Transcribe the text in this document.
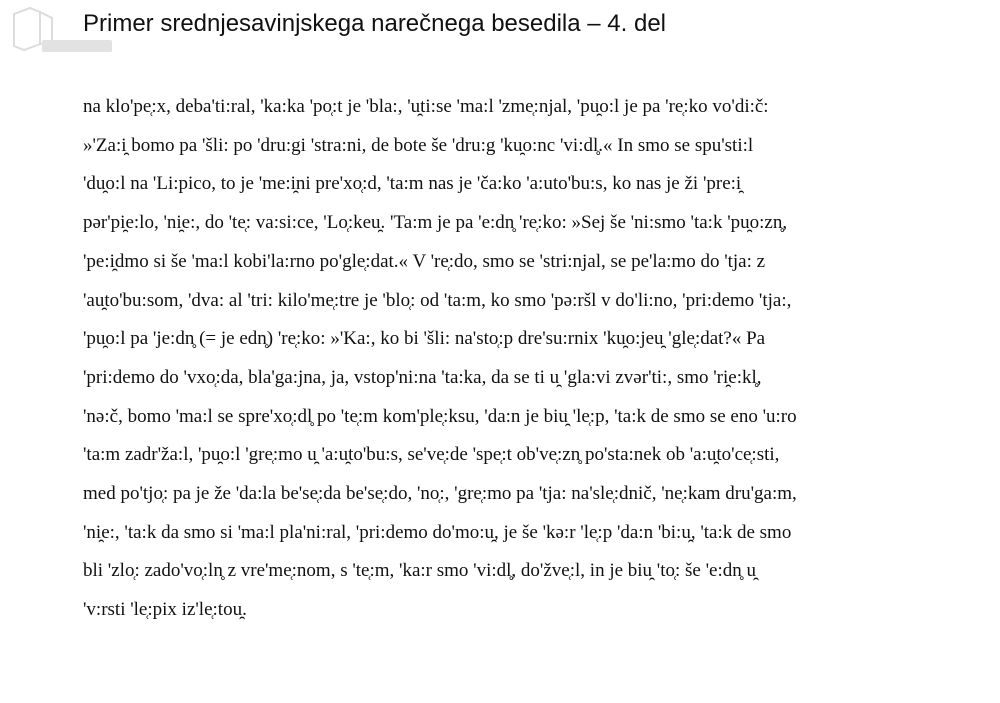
Primer srednjesavinjskega narečnega besedila – 4. del
na klo'pe̜:x, deba'ti:ral, 'ka:ka 'po̜:t je 'bla:, 'u̯ti:se 'ma:l 'zme̜:njal, 'pu̯o:l je pa 're̜:ko vo'di:č:
»'Za:i̯ bomo pa 'šli: po 'dru:gi 'stra:ni, de bote še 'dru:g 'ku̯o:nc 'vi:dl̥.« In smo se spu'sti:l
'du̯o:l na 'Li:pico, to je 'me:i̯ni pre'xo̜:d, 'ta:m nas je 'ča:ko 'a:uto'bu:s, ko nas je ži 'pre:i̯
pər'pi̯e:lo, 'ni̯e:, do 'te̜: va:si:ce, 'Lo̜:keu̯. 'Ta:m je pa 'e:dn̥ 're̜:ko: »Sej še 'ni:smo 'ta:k 'pu̯o:zn̥,
'pe:i̯dmo si še 'ma:l kobi'la:rno po'gle̜:dat.« V 're̜:do, smo se 'stri:njal, se pe'la:mo do 'tja: z
'au̯to'bu:som, 'dva: al 'tri: kilo'me̜:tre je 'blo̜: od 'ta:m, ko smo 'pə:ršl v do'li:no, 'pri:demo 'tja:,
'pu̯o:l pa 'je:dn̥ (= je edn̥) 're̜:ko: »'Ka:, ko bi 'šli: na'sto̜:p dre'su:rnix 'ku̯o:jeu̯ 'gle̜:dat?« Pa
'pri:demo do 'vxo̜:da, bla'ga:jna, ja, vstop'ni:na 'ta:ka, da se ti u̯ 'gla:vi zvər'ti:, smo 'ri̯e:kl̥,
'nə:č, bomo 'ma:l se spre'xo̜:dl̥ po 'te̜:m kom'ple̜:ksu, 'da:n je biu̯ 'le̜:p, 'ta:k de smo se eno 'u:ro
'ta:m zadr'ža:l, 'pu̯o:l 'gre̜:mo u̯ 'a:u̯to'bu:s, se've̜:de 'spe̜:t ob've̜:zn̥ po'sta:nek ob 'a:u̯to'ce̜:sti,
med po'tjo̜: pa je že 'da:la be'se̜:da be'se̜:do, 'no̜:, 'gre̜:mo pa 'tja: na'sle̜:dnič, 'ne̜:kam dru'ga:m,
'ni̯e:, 'ta:k da smo si 'ma:l pla'ni:ral, 'pri:demo do'mo:u̯, je še 'kə:r 'le̜:p 'da:n 'bi:u̯, 'ta:k de smo
bli 'zlo̜: zado'vo̜:ln̥ z vre'me̜:nom, s 'te̜:m, 'ka:r smo 'vi:dl̥, do'žve̜:l, in je biu̯ 'to̜: še 'e:dn̥ u̯
'v:rsti 'le̜:pix iz'le̜:tou̯.
